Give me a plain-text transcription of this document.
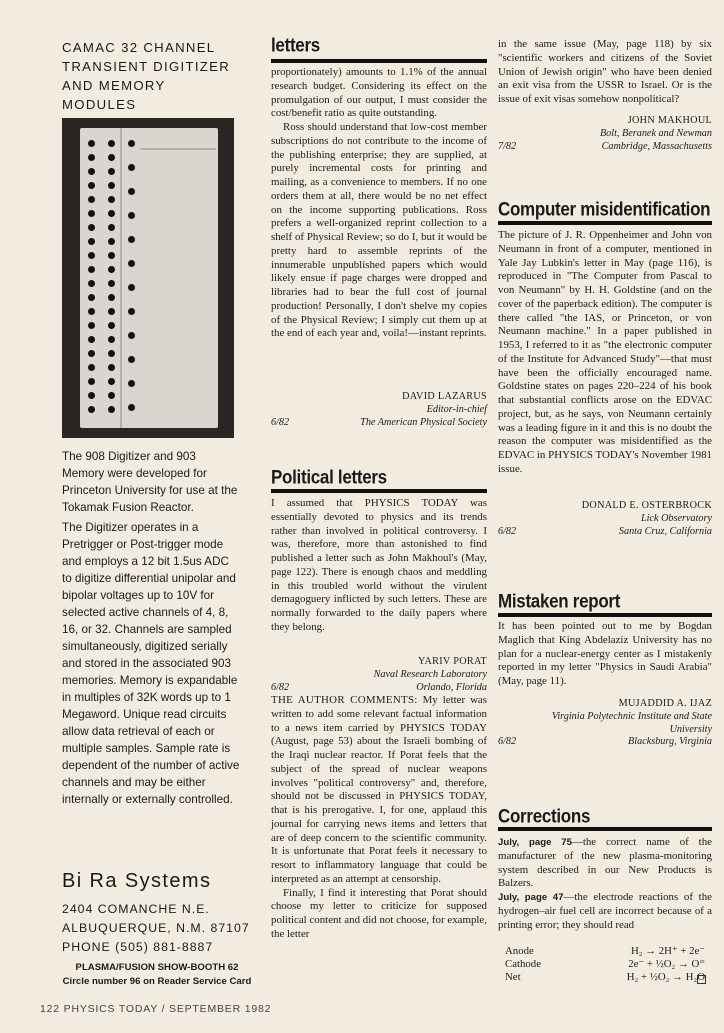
CAMAC 32 CHANNEL
TRANSIENT DIGITIZER
AND MEMORY MODULES
The 908 Digitizer and 903 Memory were developed for Princeton University for use at the Tokamak Fusion Reactor.
The Digitizer operates in a Pretrigger or Post-trigger mode and employs a 12 bit 1.5us ADC to digitize differential unipolar and bipolar voltages up to 10V for selected active channels of 4, 8, 16, or 32. Channels are sampled simultaneously, digitized serially and stored in the associated 903 memories. Memory is expandable in multiples of 32K words up to 1 Megaword. Unique read circuits allow data retrieval of each or multiple samples. Sample rate is dependent of the number of active channels and may be either internally or externally controlled.
Bi Ra Systems
2404 COMANCHE N.E.
ALBUQUERQUE, N.M. 87107
PHONE (505) 881-8887
PLASMA/FUSION SHOW-BOOTH 62
Circle number 96 on Reader Service Card
122 PHYSICS TODAY / SEPTEMBER 1982
letters

proportionately) amounts to 1.1% of the annual research budget. Considering its effect on the promulgation of our output, I must consider the cost/benefit ratio as quite outstanding.

Ross should understand that low-cost member subscriptions do not contribute to the income of the publishing enterprise; they are supplied, at purely incremental costs for printing and mailing, as a convenience to members. If no one orders them at all, there would be no net effect on the income supporting publications. Ross prefers a well-organized reprint collection to a shelf of Physical Review; so do I, but it would be pretty hard to assemble reprints of the innumerable unpublished papers which would likely ensue if page charges were dropped and libraries had to bear the full cost of journal production! Personally, I don't shelve my copies of the Physical Review; I simply cut them up at the end of each year and, voila!—instant reprints.

DAVID LAZARUS
Editor-in-chief
6/82	The American Physical Society
Political letters

I assumed that PHYSICS TODAY was essentially devoted to physics and its trends rather than involved in political controversy. I was, therefore, more than astonished to find published a letter such as John Makhoul's (May, page 122). There is enough chaos and meddling in this troubled world without the virulent demagoguery inflicted by such letters. These are normally forwarded to the daily papers where they belong.

YARIV PORAT
Naval Research Laboratory
6/82	Orlando, Florida

THE AUTHOR COMMENTS: My letter was written to add some relevant factual information to a news item carried by PHYSICS TODAY (August, page 53) about the Israeli bombing of the Iraqi nuclear reactor. If Porat feels that the subject of the spread of nuclear weapons involves "political controversy" and, therefore, should not be discussed in PHYSICS TODAY, that is his prerogative. I, for one, applaud this journal for carrying news items and letters that are of deep concern to the scientific community. It is unfortunate that Porat feels it necessary to resort to inflammatory language that could be interpreted as an attempt at censorship.

Finally, I find it interesting that Porat should choose my letter to criticize for supposed political content and did not choose, for example, the letter

in the same issue (May, page 118) by six "scientific workers and citizens of the Soviet Union of Jewish origin" who have been denied an exit visa from the USSR to Israel. Or is the issue of exit visas somehow nonpolitical?

JOHN MAKHOUL
Bolt, Beranek and Newman
7/82	Cambridge, Massachusetts
Computer misidentification

The picture of J. R. Oppenheimer and John von Neumann in front of a computer, mentioned in Yale Jay Lubkin's letter in May (page 116), is reproduced in "The Computer from Pascal to von Neumann" by H. H. Goldstine (and on the cover of the paperback edition). The computer is there called "the IAS, or Princeton, or von Neumann machine." In a paper published in 1953, I referred to it as "the electronic computer of the Institute for Advanced Study"—that must have been the officially encouraged name. Goldstine states on pages 220–224 of his book that substantial conflicts arose on the EDVAC project, but, as he says, von Neumann certainly was a leading figure in it and this is no doubt the reason the computer was misidentified as the EDVAC in PHYSICS TODAY's November 1981 issue.

DONALD E. OSTERBROCK
Lick Observatory
6/82	Santa Cruz, California
Mistaken report

It has been pointed out to me by Bogdan Maglich that King Abdelaziz University has no plan for a nuclear-energy center as I mistakenly reported in my letter "Physics in Saudi Arabia" (May, page 11).

MUJADDID A. IJAZ
Virginia Polytechnic Institute and State
University
6/82	Blacksburg, Virginia
Corrections

July, page 75—the correct name of the manufacturer of the new plasma-monitoring system described in our New Products is Balzers.

July, page 47—the electrode reactions of the hydrogen–air fuel cell are incorrect because of a printing error; they should read

Anode	H₂ → 2H⁺ + 2e⁻
Cathode	2e⁻ + ½O₂ → O⁼
Net	H₂ + ½O₂ → H₂O
